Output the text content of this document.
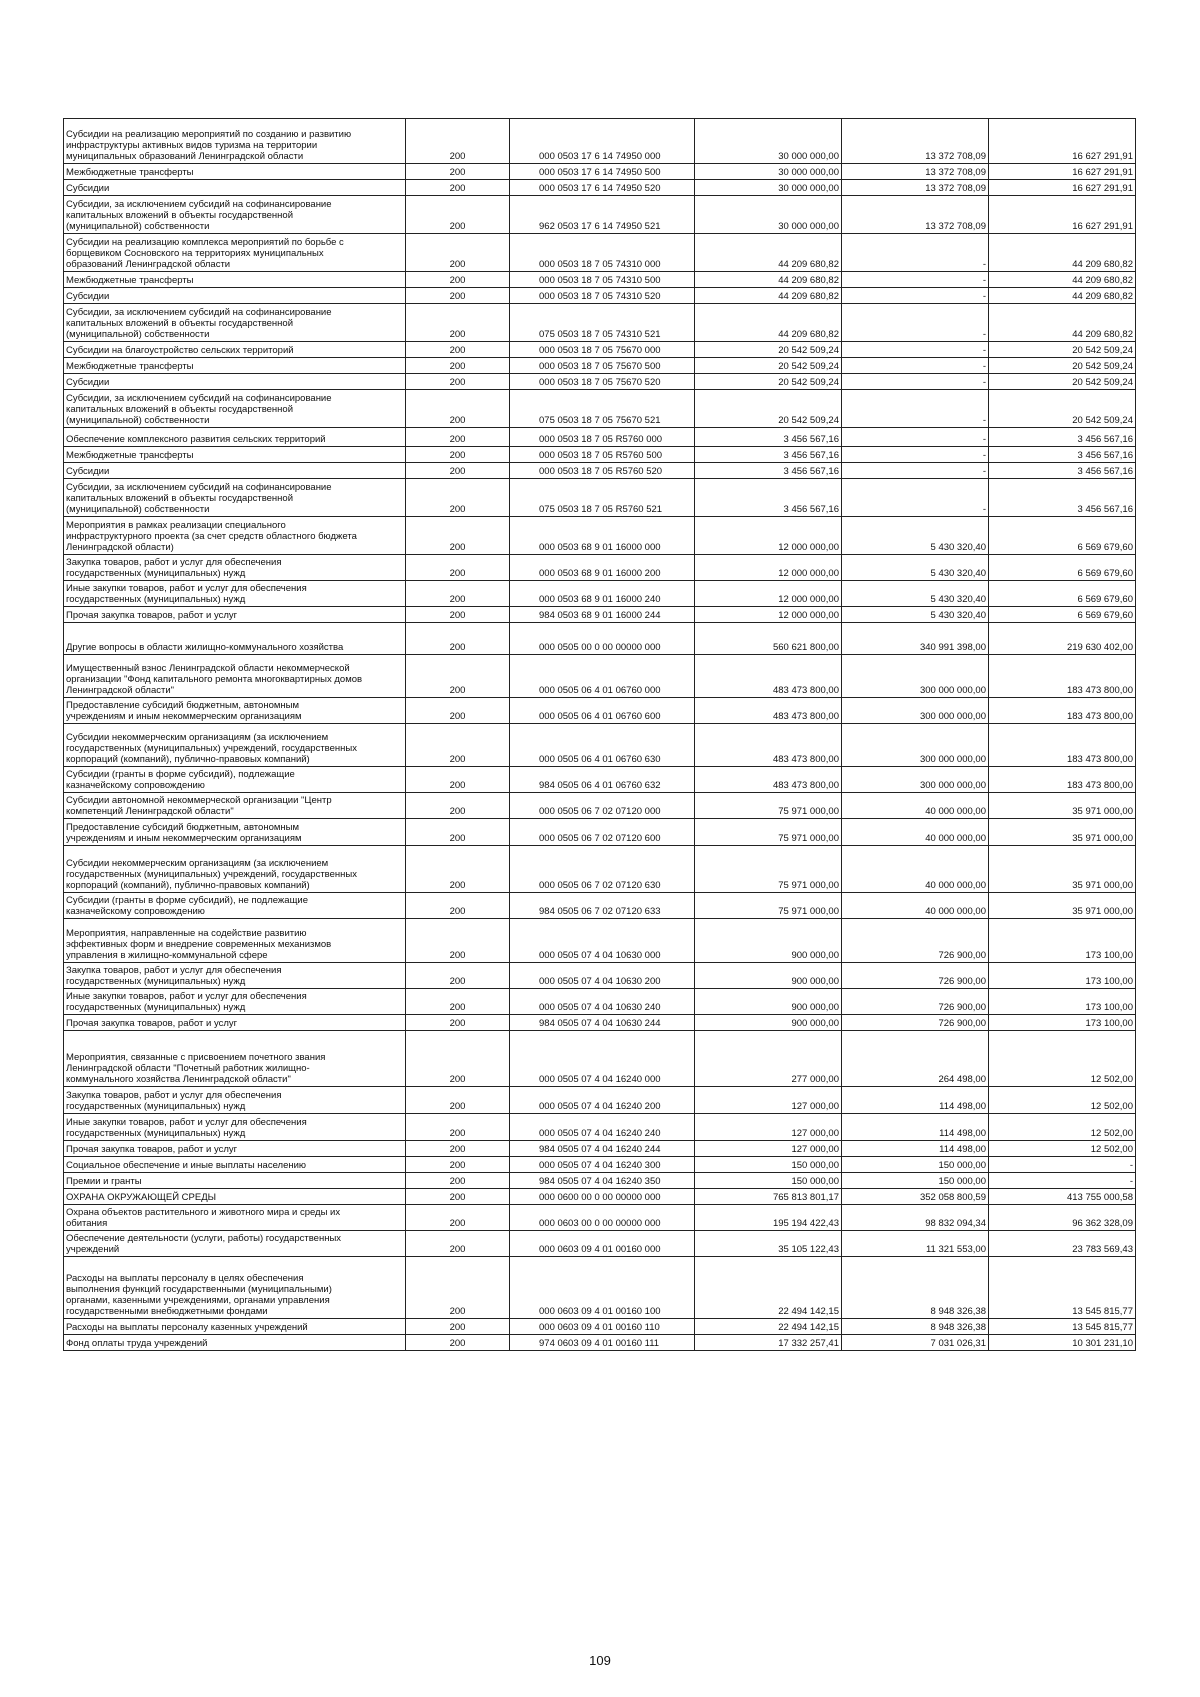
Субсидии на реализацию мероприятий по созданию и развитию
инфраструктуры активных видов туризма на территории
муниципальных образований Ленинградской области	200	000 0503 17 6 14 74950 000	30 000 000,00	13 372 708,09	16 627 291,91
Межбюджетные трансферты	200	000 0503 17 6 14 74950 500	30 000 000,00	13 372 708,09	16 627 291,91
Субсидии	200	000 0503 17 6 14 74950 520	30 000 000,00	13 372 708,09	16 627 291,91
Субсидии, за исключением субсидий на софинансирование
капитальных вложений в объекты государственной
(муниципальной) собственности	200	962 0503 17 6 14 74950 521	30 000 000,00	13 372 708,09	16 627 291,91
Субсидии на реализацию комплекса мероприятий по борьбе с
борщевиком Сосновского на территориях муниципальных
образований Ленинградской области	200	000 0503 18 7 05 74310 000	44 209 680,82	-	44 209 680,82
Межбюджетные трансферты	200	000 0503 18 7 05 74310 500	44 209 680,82	-	44 209 680,82
Субсидии	200	000 0503 18 7 05 74310 520	44 209 680,82	-	44 209 680,82
Субсидии, за исключением субсидий на софинансирование
капитальных вложений в объекты государственной
(муниципальной) собственности	200	075 0503 18 7 05 74310 521	44 209 680,82	-	44 209 680,82
Субсидии на благоустройство сельских территорий	200	000 0503 18 7 05 75670 000	20 542 509,24	-	20 542 509,24
Межбюджетные трансферты	200	000 0503 18 7 05 75670 500	20 542 509,24	-	20 542 509,24
Субсидии	200	000 0503 18 7 05 75670 520	20 542 509,24	-	20 542 509,24
Субсидии, за исключением субсидий на софинансирование
капитальных вложений в объекты государственной
(муниципальной) собственности	200	075 0503 18 7 05 75670 521	20 542 509,24	-	20 542 509,24
Обеспечение комплексного развития сельских территорий	200	000 0503 18 7 05 R5760 000	3 456 567,16	-	3 456 567,16
Межбюджетные трансферты	200	000 0503 18 7 05 R5760 500	3 456 567,16	-	3 456 567,16
Субсидии	200	000 0503 18 7 05 R5760 520	3 456 567,16	-	3 456 567,16
Субсидии, за исключением субсидий на софинансирование
капитальных вложений в объекты государственной
(муниципальной) собственности	200	075 0503 18 7 05 R5760 521	3 456 567,16	-	3 456 567,16
Мероприятия в рамках реализации специального
инфраструктурного проекта (за счет средств областного бюджета
Ленинградской области)	200	000 0503 68 9 01 16000 000	12 000 000,00	5 430 320,40	6 569 679,60
Закупка товаров, работ и услуг для обеспечения
государственных (муниципальных) нужд	200	000 0503 68 9 01 16000 200	12 000 000,00	5 430 320,40	6 569 679,60
Иные закупки товаров, работ и услуг для обеспечения
государственных (муниципальных) нужд	200	000 0503 68 9 01 16000 240	12 000 000,00	5 430 320,40	6 569 679,60
Прочая закупка товаров, работ и услуг	200	984 0503 68 9 01 16000 244	12 000 000,00	5 430 320,40	6 569 679,60
Другие вопросы в области жилищно-коммунального хозяйства	200	000 0505 00 0 00 00000 000	560 621 800,00	340 991 398,00	219 630 402,00
Имущественный взнос Ленинградской области некоммерческой
организации "Фонд капитального ремонта многоквартирных домов
Ленинградской области"	200	000 0505 06 4 01 06760 000	483 473 800,00	300 000 000,00	183 473 800,00
Предоставление субсидий бюджетным, автономным
учреждениям и иным некоммерческим организациям	200	000 0505 06 4 01 06760 600	483 473 800,00	300 000 000,00	183 473 800,00
Субсидии некоммерческим организациям (за исключением
государственных (муниципальных) учреждений, государственных
корпораций (компаний), публично-правовых компаний)	200	000 0505 06 4 01 06760 630	483 473 800,00	300 000 000,00	183 473 800,00
Субсидии (гранты в форме субсидий), подлежащие
казначейскому сопровождению	200	984 0505 06 4 01 06760 632	483 473 800,00	300 000 000,00	183 473 800,00
Субсидии автономной некоммерческой организации "Центр
компетенций Ленинградской области"	200	000 0505 06 7 02 07120 000	75 971 000,00	40 000 000,00	35 971 000,00
Предоставление субсидий бюджетным, автономным
учреждениям и иным некоммерческим организациям	200	000 0505 06 7 02 07120 600	75 971 000,00	40 000 000,00	35 971 000,00
Субсидии некоммерческим организациям (за исключением
государственных (муниципальных) учреждений, государственных
корпораций (компаний), публично-правовых компаний)	200	000 0505 06 7 02 07120 630	75 971 000,00	40 000 000,00	35 971 000,00
Субсидии (гранты в форме субсидий), не подлежащие
казначейскому сопровождению	200	984 0505 06 7 02 07120 633	75 971 000,00	40 000 000,00	35 971 000,00
Мероприятия, направленные на содействие развитию
эффективных форм и внедрение современных механизмов
управления в жилищно-коммунальной сфере	200	000 0505 07 4 04 10630 000	900 000,00	726 900,00	173 100,00
Закупка товаров, работ и услуг для обеспечения
государственных (муниципальных) нужд	200	000 0505 07 4 04 10630 200	900 000,00	726 900,00	173 100,00
Иные закупки товаров, работ и услуг для обеспечения
государственных (муниципальных) нужд	200	000 0505 07 4 04 10630 240	900 000,00	726 900,00	173 100,00
Прочая закупка товаров, работ и услуг	200	984 0505 07 4 04 10630 244	900 000,00	726 900,00	173 100,00
Мероприятия, связанные с присвоением почетного звания
Ленинградской области "Почетный работник жилищно-
коммунального хозяйства Ленинградской области"	200	000 0505 07 4 04 16240 000	277 000,00	264 498,00	12 502,00
Закупка товаров, работ и услуг для обеспечения
государственных (муниципальных) нужд	200	000 0505 07 4 04 16240 200	127 000,00	114 498,00	12 502,00
Иные закупки товаров, работ и услуг для обеспечения
государственных (муниципальных) нужд	200	000 0505 07 4 04 16240 240	127 000,00	114 498,00	12 502,00
Прочая закупка товаров, работ и услуг	200	984 0505 07 4 04 16240 244	127 000,00	114 498,00	12 502,00
Социальное обеспечение и иные выплаты населению	200	000 0505 07 4 04 16240 300	150 000,00	150 000,00	-
Премии и гранты	200	984 0505 07 4 04 16240 350	150 000,00	150 000,00	-
ОХРАНА ОКРУЖАЮЩЕЙ СРЕДЫ	200	000 0600 00 0 00 00000 000	765 813 801,17	352 058 800,59	413 755 000,58
Охрана объектов растительного и животного мира и среды их
обитания	200	000 0603 00 0 00 00000 000	195 194 422,43	98 832 094,34	96 362 328,09
Обеспечение деятельности (услуги, работы) государственных
учреждений	200	000 0603 09 4 01 00160 000	35 105 122,43	11 321 553,00	23 783 569,43
Расходы на выплаты персоналу в целях обеспечения
выполнения функций государственными (муниципальными)
органами, казенными учреждениями, органами управления
государственными внебюджетными фондами	200	000 0603 09 4 01 00160 100	22 494 142,15	8 948 326,38	13 545 815,77
Расходы на выплаты персоналу казенных учреждений	200	000 0603 09 4 01 00160 110	22 494 142,15	8 948 326,38	13 545 815,77
Фонд оплаты труда учреждений	200	974 0603 09 4 01 00160 111	17 332 257,41	7 031 026,31	10 301 231,10
109
